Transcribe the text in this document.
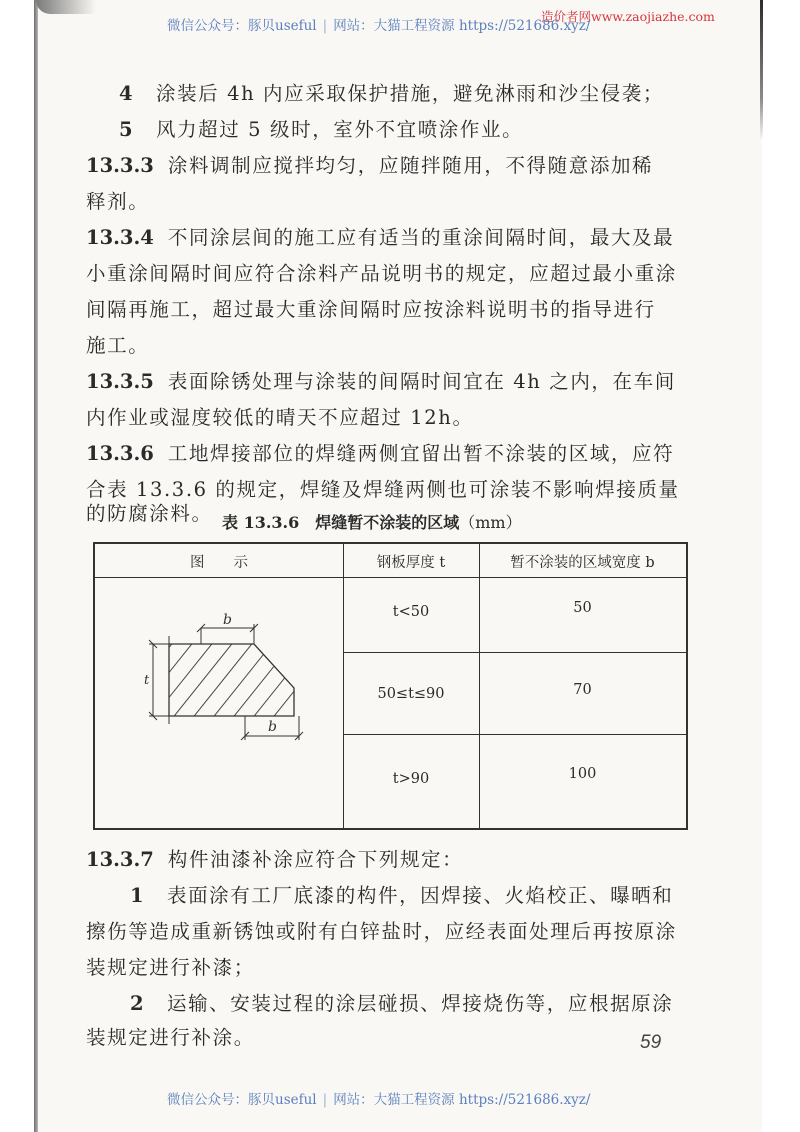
造价者网www.zaojiazhe.com
微信公众号：豚贝useful | 网站：大猫工程资源 https://521686.xyz/
4 涂装后 4h 内应采取保护措施，避免淋雨和沙尘侵袭；
5 风力超过 5 级时，室外不宜喷涂作业。
13.3.3 涂料调制应搅拌均匀，应随拌随用，不得随意添加稀
释剂。
13.3.4 不同涂层间的施工应有适当的重涂间隔时间，最大及最
小重涂间隔时间应符合涂料产品说明书的规定，应超过最小重涂
间隔再施工，超过最大重涂间隔时应按涂料说明书的指导进行
施工。
13.3.5 表面除锈处理与涂装的间隔时间宜在 4h 之内，在车间
内作业或湿度较低的晴天不应超过 12h。
13.3.6 工地焊接部位的焊缝两侧宜留出暂不涂装的区域，应符
合表 13.3.6 的规定，焊缝及焊缝两侧也可涂装不影响焊接质量
的防腐涂料。
13.3.7 构件油漆补涂应符合下列规定：
1 表面涂有工厂底漆的构件，因焊接、火焰校正、曝晒和
擦伤等造成重新锈蚀或附有白锌盐时，应经表面处理后再按原涂
装规定进行补漆；
2 运输、安装过程的涂层碰损、焊接烧伤等，应根据原涂
装规定进行补涂。
表 13.3.6　焊缝暂不涂装的区域（mm）
图　　示	钢板厚度 t	暂不涂装的区域宽度 b
t<50	50
50≤t≤90	70
t>90	100
t
b
b
59
微信公众号：豚贝useful | 网站：大猫工程资源 https://521686.xyz/
